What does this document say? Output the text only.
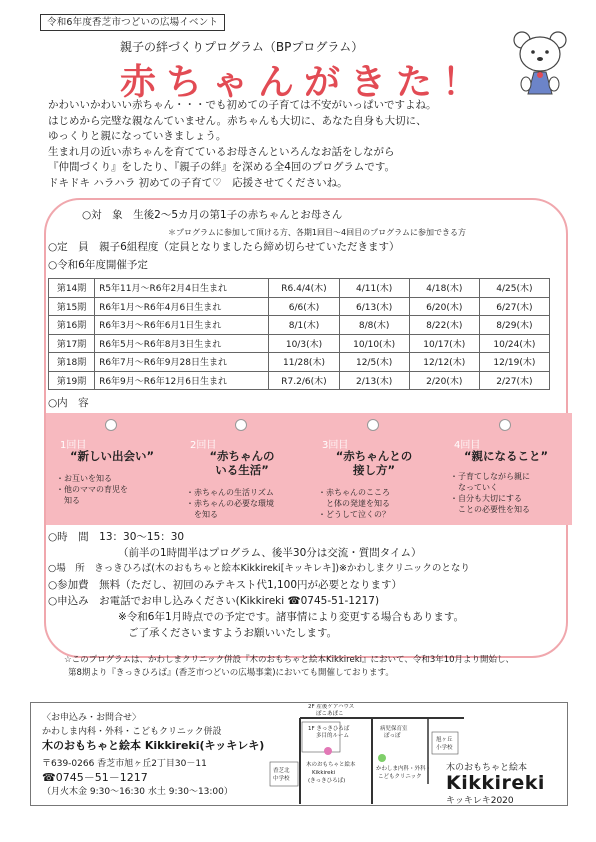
令和6年度香芝市つどいの広場イベント
親子の絆づくりプログラム（BPプログラム）
赤ちゃんがきた！

かわいいかわいい赤ちゃん・・・でも初めての子育ては不安がいっぱいですよね。

はじめから完璧な親なんていません。赤ちゃんも大切に、あなた自身も大切に、

ゆっくりと親になっていきましょう。

生まれ月の近い赤ちゃんを育てているお母さんといろんなお話をしながら

『仲間づくり』をしたり、『親子の絆』を深める全4回のプログラムです。

ドキドキ ハラハラ 初めての子育て♡　応援させてくださいね。

○対　象　生後2〜5カ月の第1子の赤ちゃんとお母さん
＊プログラムに参加して頂ける方、各期1回目〜4回目のプログラムに参加できる方
○定　員　親子6組程度（定員となりましたら締め切らせていただきます）
○令和6年度開催予定
第14期	R5年11月〜R6年2月4日生まれ	R6.4/4(木)	4/11(木)	4/18(木)	4/25(木)
第15期	R6年1月〜R6年4月6日生まれ	6/6(木)	6/13(木)	6/20(木)	6/27(木)
第16期	R6年3月〜R6年6月1日生まれ	8/1(木)	8/8(木)	8/22(木)	8/29(木)
第17期	R6年5月〜R6年8月3日生まれ	10/3(木)	10/10(木)	10/17(木)	10/24(木)
第18期	R6年7月〜R6年9月28日生まれ	11/28(木)	12/5(木)	12/12(木)	12/19(木)
第19期	R6年9月〜R6年12月6日生まれ	R7.2/6(木)	2/13(木)	2/20(木)	2/27(木)
○内　容
1回目
“新しい出会い”
・お互いを知る
・他のママの育児を
　知る
2回目
“赤ちゃんの
いる生活”
・赤ちゃんの生活リズム
・赤ちゃんの必要な環境
　を知る
3回目
“赤ちゃんとの
接し方”
・赤ちゃんのこころ
　と体の発達を知る
・どうして泣くの？
4回目
“親になること”
・子育てしながら親に
　なっていく
・自分も大切にする
　ことの必要性を知る
○時　間　13：30〜15：30
（前半の1時間半はプログラム、後半30分は交流・質問タイム）
○場　所　きっきひろば(木のおもちゃと絵本Kikkireki[キッキレキ])※かわしまクリニックのとなり
○参加費　無料（ただし、初回のみテキスト代1,100円が必要となります）
○申込み　お電話でお申し込みください(Kikkireki ☎0745-51-1217)
※令和6年1月時点での予定です。諸事情により変更する場合もあります。
ご了承くださいますようお願いいたします。
☆このプログラムは、かわしまクリニック併設『木のおもちゃと絵本Kikkireki』において、令和3年10月より開始し、
第8期より『きっきひろば』(香芝市つどいの広場事業)においても開催しております。
〈お申込み・お問合せ〉
かわしま内科・外科・こどもクリニック併設
木のおもちゃと絵本 Kikkireki(キッキレキ)
〒639-0266 香芝市旭ヶ丘2丁目30－11
☎0745－51－1217
（月火木金 9:30〜16:30 水土 9:30〜13:00）
2F 産後ケアハウス
ぽこあぽこ
1F きっきひろば
多目的ルーム
病児保育室
ぽっぽ
旭ヶ丘
小学校
香芝北
中学校
木のおもちゃと絵本
Kikkireki
(きっきひろば)
かわしま内科・外科・
こどもクリニック
木のおもちゃと絵本
Kikkireki
キッキレキ2020
